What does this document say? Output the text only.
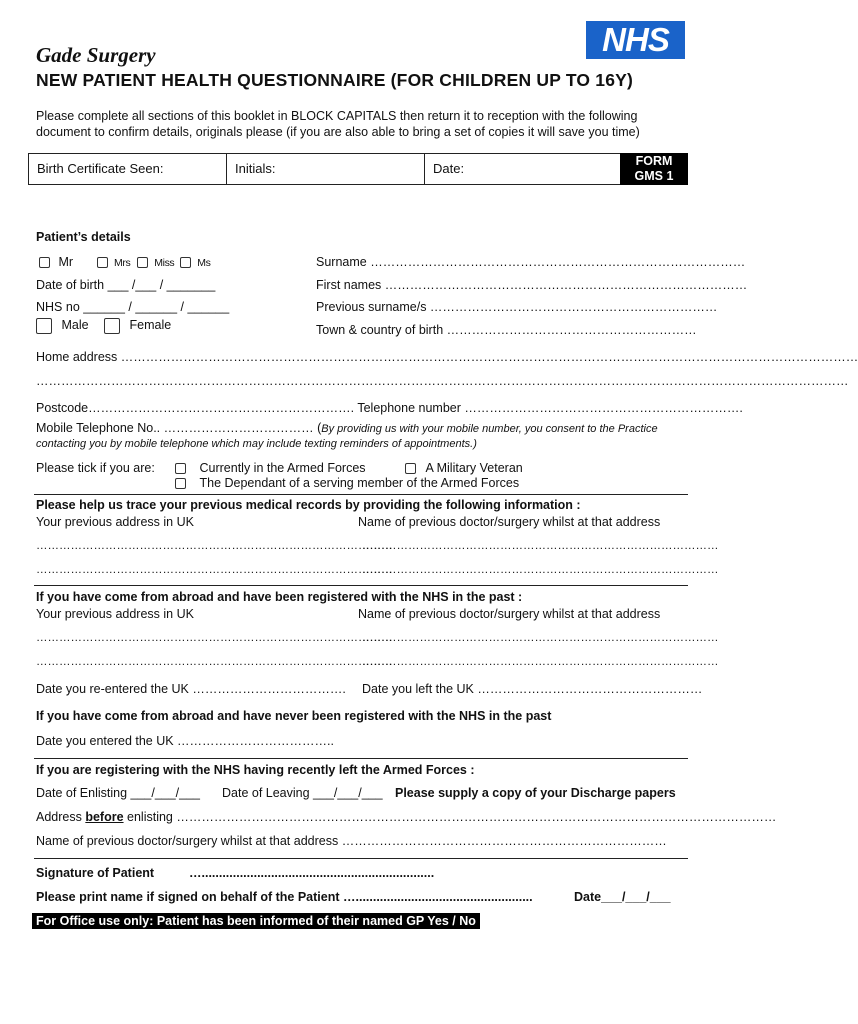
Gade Surgery	NHS
NEW PATIENT HEALTH QUESTIONNAIRE (FOR CHILDREN UP TO 16Y)
Please complete all sections of this booklet in BLOCK CAPITALS then return it to reception with the following document to confirm details, originals please (if you are also able to bring a set of copies it will save you time)
Birth Certificate Seen:	Initials:	Date:	FORM
GMS 1
Patient’s details
Mr	Mrs Miss Ms	Surname ………………………………………………………………………………
Date of birth ___ /___ / _______	First names ……………………………………………………………………………
NHS no ______ / ______ / ______	Previous surname/s ……………………………………………………………
Male	Female	Town & country of birth ……………………………………………………
Home address ……………………………………………………………………………………………………………………………………………………………
……………………………………………………………………………………………………………………………………………………………………………
Postcode………………………………………………………. Telephone number ………………………………………………………….
Mobile Telephone No.. ……………………………… (By providing us with your mobile number, you consent to the Practice
contacting you by mobile telephone which may include texting reminders of appointments.)
Please tick if you are:	Currently in the Armed Forces	A Military Veteran
The Dependant of a serving member of the Armed Forces
Please help us trace your previous medical records by providing the following information :
Your previous address in UK	Name of previous doctor/surgery whilst at that address
…………………………………………………………………………………
…………………………………………………………………………………
…………………………………………………………………………………
…………………………………………………………………………………
If you have come from abroad and have been registered with the NHS in the past :
Your previous address in UK	Name of previous doctor/surgery whilst at that address
…………………………………………………………………………………
…………………………………………………………………………………
…………………………………………………………………………………
…………………………………………………………………………………
Date you re-entered the UK ………………………………. Date you left the UK ………………………………………………
If you have come from abroad and have never been registered with the NHS in the past
Date you entered the UK ………………………………..
If you are registering with the NHS having recently left the Armed Forces :
Date of Enlisting ___/___/___ Date of Leaving ___/___/___ Please supply a copy of your Discharge papers
Address before enlisting ………………………………………………………………………………………………………………………………
Name of previous doctor/surgery whilst at that address ……………………………………………………………………
Signature of Patient	…...................................................................
Please print name if signed on behalf of the Patient …...................................................	Date___/___/___
For Office use only: Patient has been informed of their named GP Yes / No
